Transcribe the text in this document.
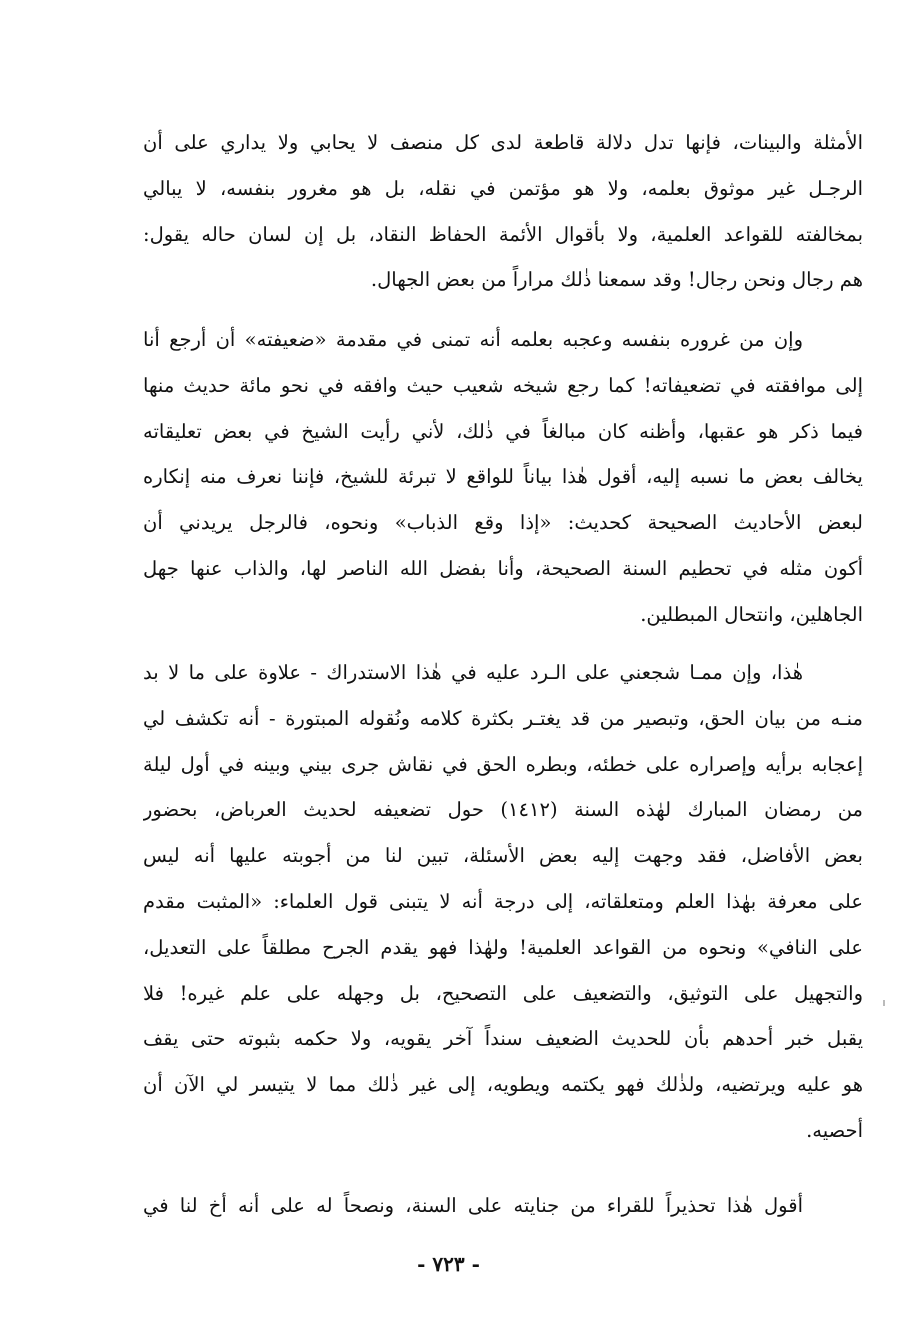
الأمثلة والبينات، فإنها تدل دلالة قاطعة لدى كل منصف لا يحابي ولا يداري على أن
الرجـل غير موثوق بعلمه، ولا هو مؤتمن في نقله، بل هو مغرور بنفسه، لا يبالي
بمخالفته للقواعد العلمية، ولا بأقوال الأئمة الحفاظ النقاد، بل إن لسان حاله يقول:
هم رجال ونحن رجال! وقد سمعنا ذٰلك مراراً من بعض الجهال.
وإن من غروره بنفسه وعجبه بعلمه أنه تمنى في مقدمة «ضعيفته» أن أرجع أنا
إلى موافقته في تضعيفاته! كما رجع شيخه شعيب حيث وافقه في نحو مائة حديث منها
فيما ذكر هو عقبها، وأظنه كان مبالغاً في ذٰلك، لأني رأيت الشيخ في بعض تعليقاته
يخالف بعض ما نسبه إليه، أقول هٰذا بياناً للواقع لا تبرئة للشيخ، فإننا نعرف منه إنكاره
لبعض الأحاديث الصحيحة كحديث: «إذا وقع الذباب» ونحوه، فالرجل يريدني أن
أكون مثله في تحطيم السنة الصحيحة، وأنا بفضل الله الناصر لها، والذاب عنها جهل
الجاهلين، وانتحال المبطلين.
هٰذا، وإن ممـا شجعني على الـرد عليه في هٰذا الاستدراك - علاوة على ما لا بد
منـه من بيان الحق، وتبصير من قد يغتـر بكثرة كلامه ونُقوله المبتورة - أنه تكشف لي
إعجابه برأيه وإصراره على خطئه، وبطره الحق في نقاش جرى بيني وبينه في أول ليلة
من رمضان المبارك لهٰذه السنة (١٤١٢) حول تضعيفه لحديث العرباض، بحضور
بعض الأفاضل، فقد وجهت إليه بعض الأسئلة، تبين لنا من أجوبته عليها أنه ليس
على معرفة بهٰذا العلم ومتعلقاته، إلى درجة أنه لا يتبنى قول العلماء: «المثبت مقدم
على النافي» ونحوه من القواعد العلمية! ولهٰذا فهو يقدم الجرح مطلقاً على التعديل،
والتجهيل على التوثيق، والتضعيف على التصحيح، بل وجهله على علم غيره! فلا
يقبل خبر أحدهم بأن للحديث الضعيف سنداً آخر يقويه، ولا حكمه بثبوته حتى يقف
هو عليه ويرتضيه، ولذٰلك فهو يكتمه ويطويه، إلى غير ذٰلك مما لا يتيسر لي الآن أن
أحصيه.
أقول هٰذا تحذيراً للقراء من جنايته على السنة، ونصحاً له على أنه أخ لنا في
- ٧٢٣ -
